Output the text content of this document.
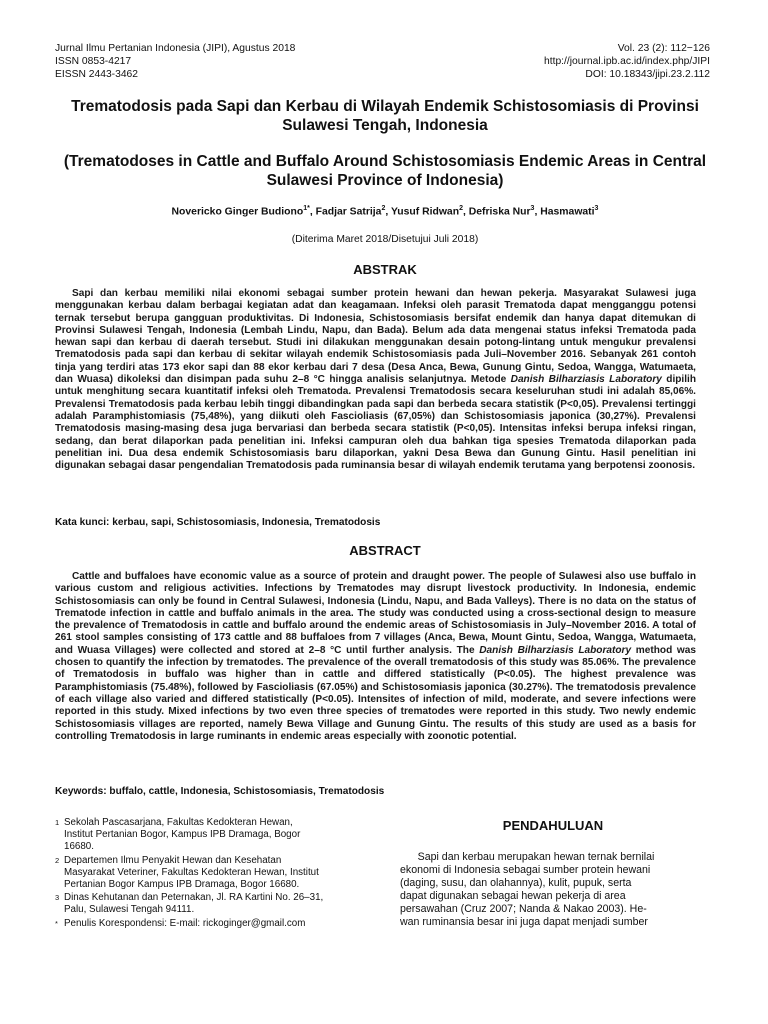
Jurnal Ilmu Pertanian Indonesia (JIPI), Agustus 2018
ISSN 0853-4217
EISSN 2443-3462
Vol. 23 (2): 112−126
http://journal.ipb.ac.id/index.php/JIPI
DOI: 10.18343/jipi.23.2.112
Trematodosis pada Sapi dan Kerbau di Wilayah Endemik Schistosomiasis di Provinsi Sulawesi Tengah, Indonesia
(Trematodoses in Cattle and Buffalo Around Schistosomiasis Endemic Areas in Central Sulawesi Province of Indonesia)
Novericko Ginger Budiono$^{1*}$, Fadjar Satrija$^2$, Yusuf Ridwan$^2$, Defriska Nur$^3$, Hasmawati$^3$
(Diterima Maret 2018/Disetujui Juli 2018)
ABSTRAK

Sapi dan kerbau memiliki nilai ekonomi sebagai sumber protein hewani dan hewan pekerja. Masyarakat Sulawesi juga menggunakan kerbau dalam berbagai kegiatan adat dan keagamaan. Infeksi oleh parasit Trematoda dapat mengganggu potensi ternak tersebut berupa gangguan produktivitas. Di Indonesia, Schistosomiasis bersifat endemik dan hanya dapat ditemukan di Provinsi Sulawesi Tengah, Indonesia (Lembah Lindu, Napu, dan Bada). Belum ada data mengenai status infeksi Trematoda pada hewan sapi dan kerbau di daerah tersebut. Studi ini dilakukan menggunakan desain potong-lintang untuk mengukur prevalensi Trematodosis pada sapi dan kerbau di sekitar wilayah endemik Schistosomiasis pada Juli–November 2016. Sebanyak 261 contoh tinja yang terdiri atas 173 ekor sapi dan 88 ekor kerbau dari 7 desa (Desa Anca, Bewa, Gunung Gintu, Sedoa, Wangga, Watumaeta, dan Wuasa) dikoleksi dan disimpan pada suhu 2–8 °C hingga analisis selanjutnya. Metode Danish Bilharziasis Laboratory dipilih untuk menghitung secara kuantitatif infeksi oleh Trematoda. Prevalensi Trematodosis secara keseluruhan studi ini adalah 85,06%. Prevalensi Trematodosis pada kerbau lebih tinggi dibandingkan pada sapi dan berbeda secara statistik (P<0,05). Prevalensi tertinggi adalah Paramphistomiasis (75,48%), yang diikuti oleh Fascioliasis (67,05%) dan Schistosomiasis japonica (30,27%). Prevalensi Trematodosis masing-masing desa juga bervariasi dan berbeda secara statistik (P<0,05). Intensitas infeksi berupa infeksi ringan, sedang, dan berat dilaporkan pada penelitian ini. Infeksi campuran oleh dua bahkan tiga spesies Trematoda dilaporkan pada penelitian ini. Dua desa endemik Schistosomiasis baru dilaporkan, yakni Desa Bewa dan Gunung Gintu. Hasil penelitian ini digunakan sebagai dasar pengendalian Trematodosis pada ruminansia besar di wilayah endemik terutama yang berpotensi zoonosis.

Kata kunci: kerbau, sapi, Schistosomiasis, Indonesia, Trematodosis
ABSTRACT

Cattle and buffaloes have economic value as a source of protein and draught power. The people of Sulawesi also use buffalo in various custom and religious activities. Infections by Trematodes may disrupt livestock productivity. In Indonesia, endemic Schistosomiasis can only be found in Central Sulawesi, Indonesia (Lindu, Napu, and Bada Valleys). There is no data on the status of Trematode infection in cattle and buffalo animals in the area. The study was conducted using a cross-sectional design to measure the prevalence of Trematodosis in cattle and buffalo around the endemic areas of Schistosomiasis in July–November 2016. A total of 261 stool samples consisting of 173 cattle and 88 buffaloes from 7 villages (Anca, Bewa, Mount Gintu, Sedoa, Wangga, Watumaeta, and Wuasa Villages) were collected and stored at 2–8 °C until further analysis. The Danish Bilharziasis Laboratory method was chosen to quantify the infection by trematodes. The prevalence of the overall trematodosis of this study was 85.06%. The prevalence of Trematodosis in buffalo was higher than in cattle and differed statistically (P<0.05). The highest prevalence was Paramphistomiasis (75.48%), followed by Fascioliasis (67.05%) and Schistosomiasis japonica (30.27%). The trematodosis prevalence of each village also varied and differed statistically (P<0.05). Intensites of infection of mild, moderate, and severe infections were reported in this study. Mixed infections by two even three species of trematodes were reported in this study. Two newly endemic Schistosomiasis villages are reported, namely Bewa Village and Gunung Gintu. The results of this study are used as a basis for controlling Trematodosis in large ruminants in endemic areas especially with zoonotic potential.

Keywords: buffalo, cattle, Indonesia, Schistosomiasis, Trematodosis
1 Sekolah Pascasarjana, Fakultas Kedokteran Hewan,
Institut Pertanian Bogor, Kampus IPB Dramaga, Bogor
16680.
2 Departemen Ilmu Penyakit Hewan dan Kesehatan
Masyarakat Veteriner, Fakultas Kedokteran Hewan, Institut
Pertanian Bogor Kampus IPB Dramaga, Bogor 16680.
3 Dinas Kehutanan dan Peternakan, Jl. RA Kartini No. 26–31,
Palu, Sulawesi Tengah 94111.
* Penulis Korespondensi: E-mail: rickoginger@gmail.com
PENDAHULUAN
Sapi dan kerbau merupakan hewan ternak bernilai
ekonomi di Indonesia sebagai sumber protein hewani
(daging, susu, dan olahannya), kulit, pupuk, serta
dapat digunakan sebagai hewan pekerja di area
persawahan (Cruz 2007; Nanda & Nakao 2003). He-
wan ruminansia besar ini juga dapat menjadi sumber
